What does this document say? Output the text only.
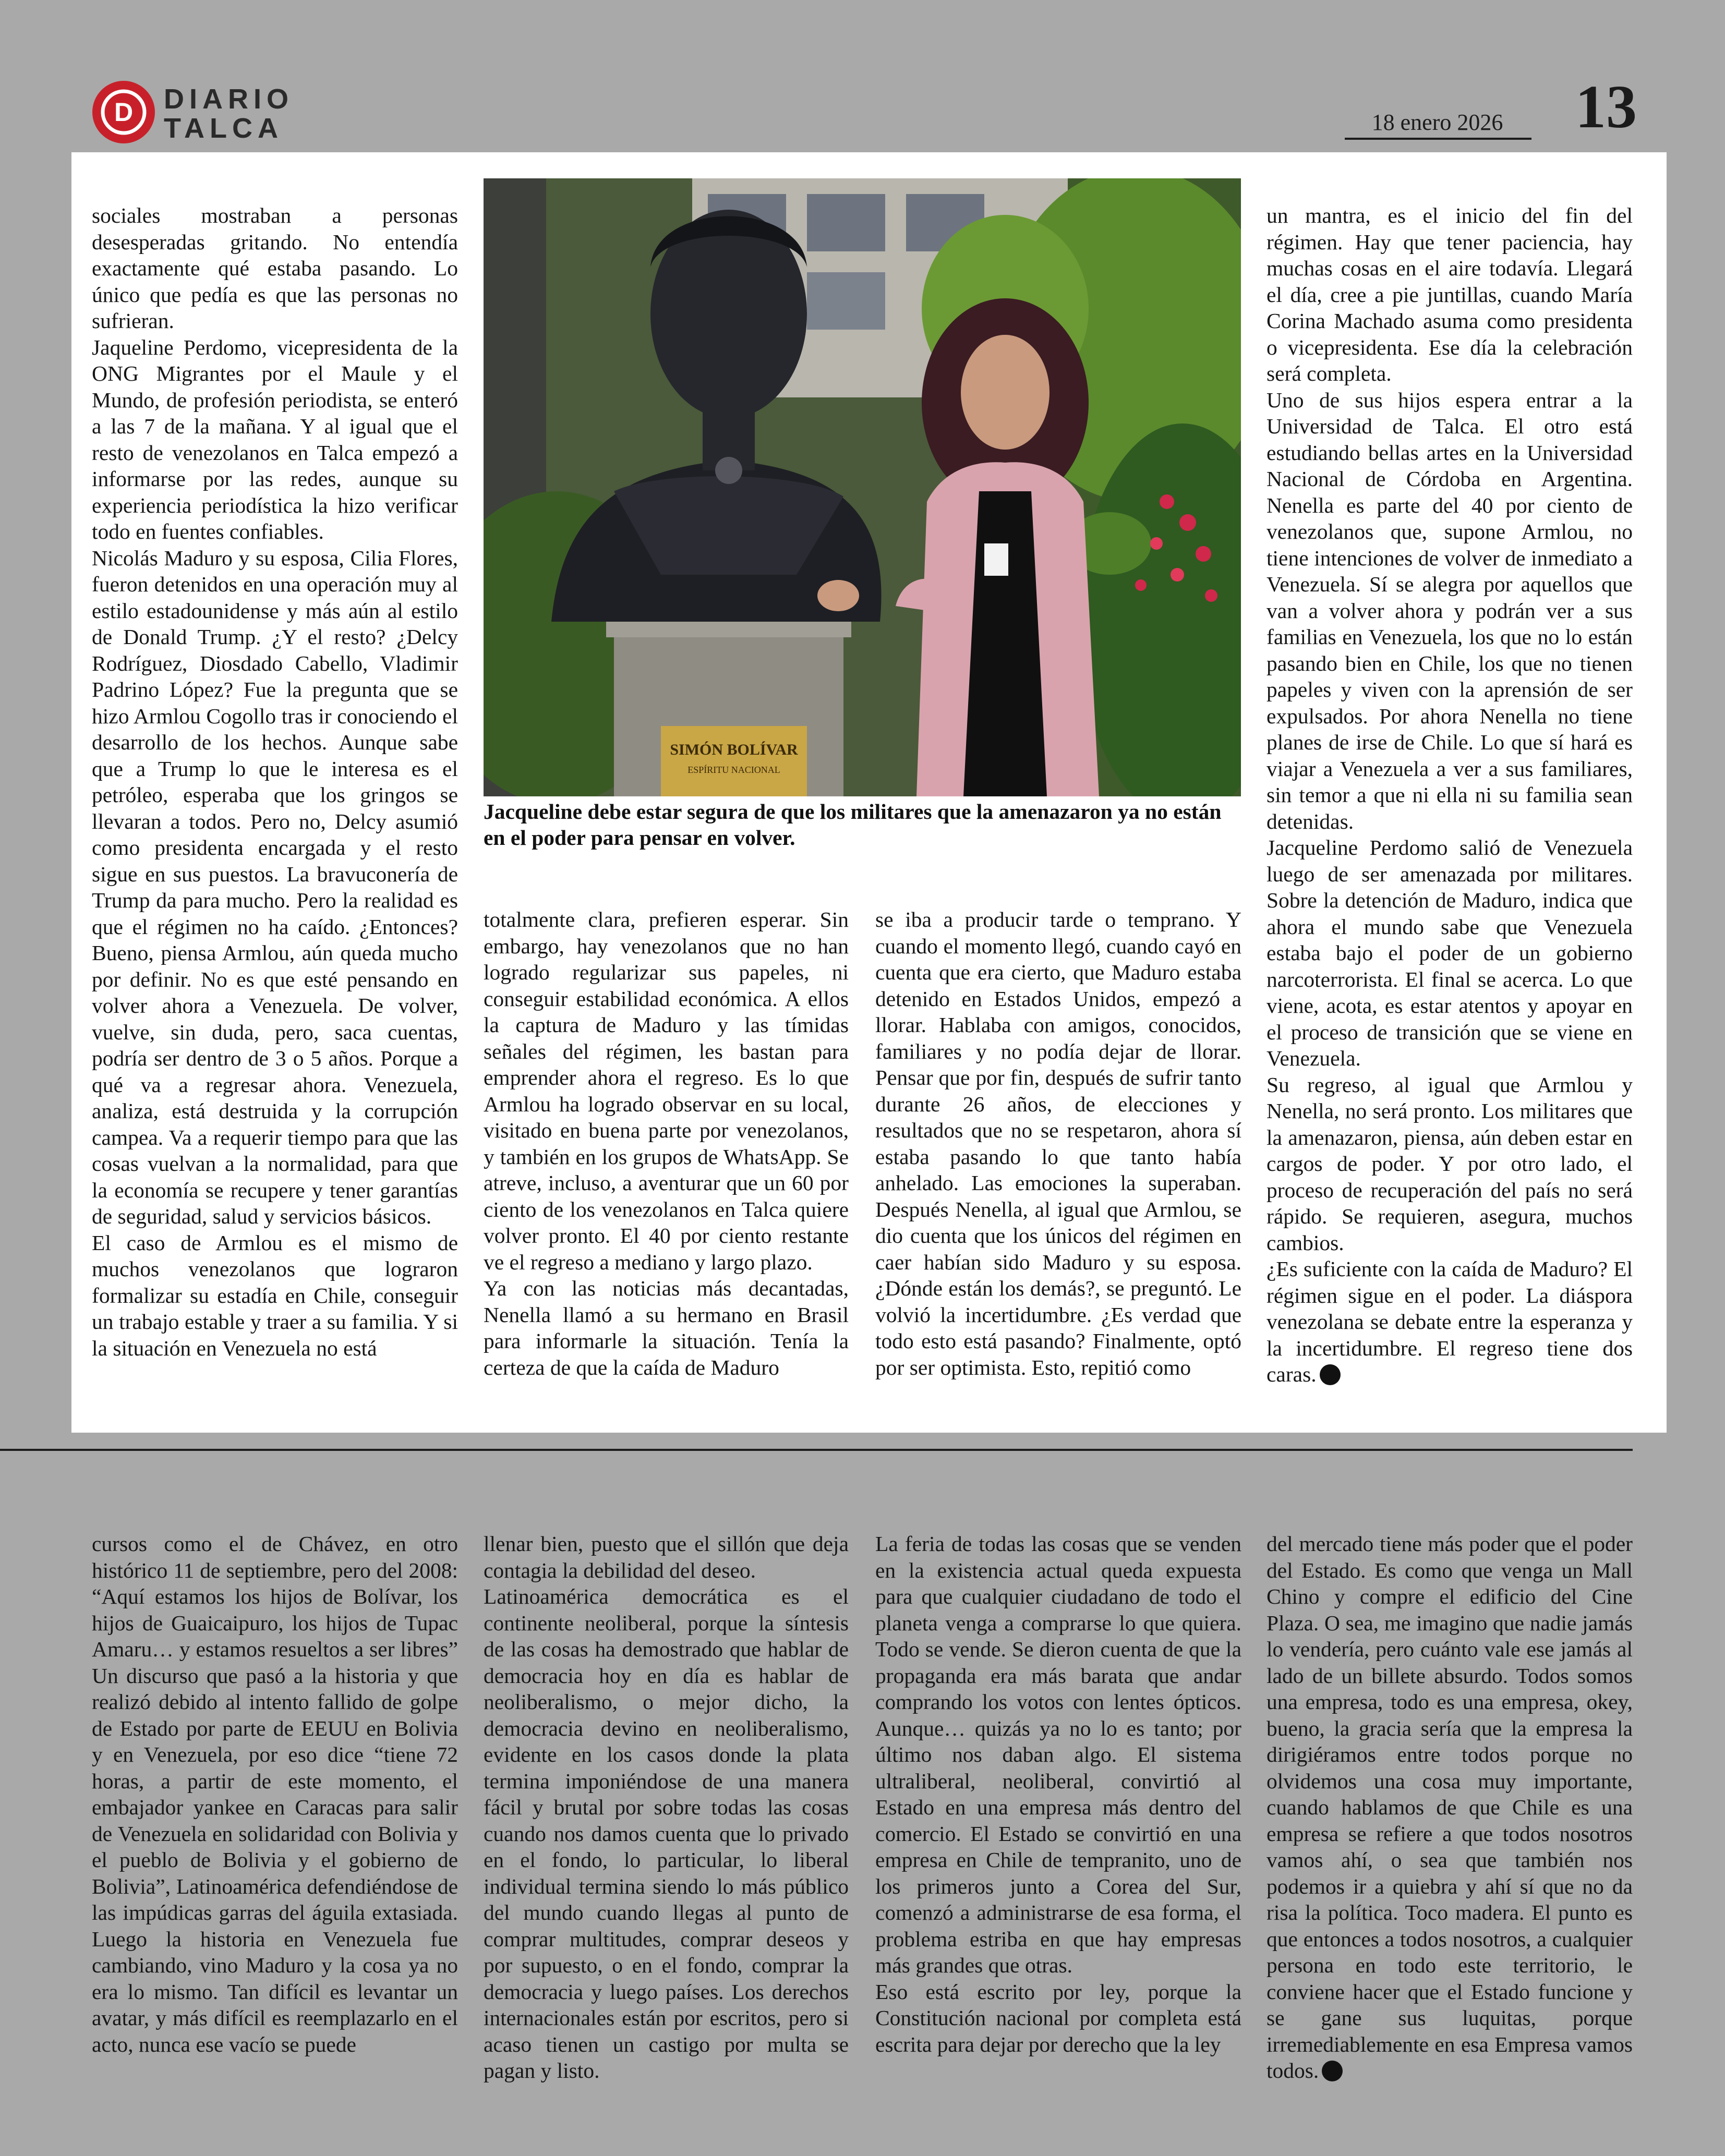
D DIARIO
TALCA	18 enero 2026	13

sociales mostraban a personas desesperadas gritando. No entendía exactamente qué estaba pasando. Lo único que pedía es que las personas no sufrieran.

Jaqueline Perdomo, vicepresidenta de la ONG Migrantes por el Maule y el Mundo, de profesión periodista, se enteró a las 7 de la mañana. Y al igual que el resto de venezolanos en Talca empezó a informarse por las redes, aunque su experiencia periodística la hizo verificar todo en fuentes confiables.

Nicolás Maduro y su esposa, Cilia Flores, fueron detenidos en una operación muy al estilo estadounidense y más aún al estilo de Donald Trump. ¿Y el resto? ¿Delcy Rodríguez, Diosdado Cabello, Vladimir Padrino López? Fue la pregunta que se hizo Armlou Cogollo tras ir conociendo el desarrollo de los hechos. Aunque sabe que a Trump lo que le interesa es el petróleo, esperaba que los gringos se llevaran a todos. Pero no, Delcy asumió como presidenta encargada y el resto sigue en sus puestos. La bravuconería de Trump da para mucho. Pero la realidad es que el régimen no ha caído. ¿Entonces? Bueno, piensa Armlou, aún queda mucho por definir. No es que esté pensando en volver ahora a Venezuela. De volver, vuelve, sin duda, pero, saca cuentas, podría ser dentro de 3 o 5 años. Porque a qué va a regresar ahora. Venezuela, analiza, está destruida y la corrupción campea. Va a requerir tiempo para que las cosas vuelvan a la normalidad, para que la economía se recupere y tener garantías de seguridad, salud y servicios básicos.

El caso de Armlou es el mismo de muchos venezolanos que lograron formalizar su estadía en Chile, conseguir un trabajo estable y traer a su familia. Y si la situación en Venezuela no está

SIMÓN BOLÍVAR
ESPÍRITU NACIONAL
Jacqueline debe estar segura de que los militares que la amenazaron ya no están en el poder para pensar en volver.

totalmente clara, prefieren esperar. Sin embargo, hay venezolanos que no han logrado regularizar sus papeles, ni conseguir estabilidad económica. A ellos la captura de Maduro y las tímidas señales del régimen, les bastan para emprender ahora el regreso. Es lo que Armlou ha logrado observar en su local, visitado en buena parte por venezolanos, y también en los grupos de WhatsApp. Se atreve, incluso, a aventurar que un 60 por ciento de los venezolanos en Talca quiere volver pronto. El 40 por ciento restante ve el regreso a mediano y largo plazo.

Ya con las noticias más decantadas, Nenella llamó a su hermano en Brasil para informarle la situación. Tenía la certeza de que la caída de Maduro

se iba a producir tarde o temprano. Y cuando el momento llegó, cuando cayó en cuenta que era cierto, que Maduro estaba detenido en Estados Unidos, empezó a llorar. Hablaba con amigos, conocidos, familiares y no podía dejar de llorar. Pensar que por fin, después de sufrir tanto durante 26 años, de elecciones y resultados que no se respetaron, ahora sí estaba pasando lo que tanto había anhelado. Las emociones la superaban. Después Nenella, al igual que Armlou, se dio cuenta que los únicos del régimen en caer habían sido Maduro y su esposa. ¿Dónde están los demás?, se preguntó. Le volvió la incertidumbre. ¿Es verdad que todo esto está pasando? Finalmente, optó por ser optimista. Esto, repitió como

un mantra, es el inicio del fin del régimen. Hay que tener paciencia, hay muchas cosas en el aire todavía. Llegará el día, cree a pie juntillas, cuando María Corina Machado asuma como presidenta o vicepresidenta. Ese día la celebración será completa.

Uno de sus hijos espera entrar a la Universidad de Talca. El otro está estudiando bellas artes en la Universidad Nacional de Córdoba en Argentina. Nenella es parte del 40 por ciento de venezolanos que, supone Armlou, no tiene intenciones de volver de inmediato a Venezuela. Sí se alegra por aquellos que van a volver ahora y podrán ver a sus familias en Venezuela, los que no lo están pasando bien en Chile, los que no tienen papeles y viven con la aprensión de ser expulsados. Por ahora Nenella no tiene planes de irse de Chile. Lo que sí hará es viajar a Venezuela a ver a sus familiares, sin temor a que ni ella ni su familia sean detenidas.

Jacqueline Perdomo salió de Venezuela luego de ser amenazada por militares. Sobre la detención de Maduro, indica que ahora el mundo sabe que Venezuela estaba bajo el poder de un gobierno narcoterrorista. El final se acerca. Lo que viene, acota, es estar atentos y apoyar en el proceso de transición que se viene en Venezuela.

Su regreso, al igual que Armlou y Nenella, no será pronto. Los militares que la amenazaron, piensa, aún deben estar en cargos de poder. Y por otro lado, el proceso de recuperación del país no será rápido. Se requieren, asegura, muchos cambios.

¿Es suficiente con la caída de Maduro? El régimen sigue en el poder. La diáspora venezolana se debate entre la esperanza y la incertidumbre. El regreso tiene dos caras.

cursos como el de Chávez, en otro histórico 11 de septiembre, pero del 2008: “Aquí estamos los hijos de Bolívar, los hijos de Guaicaipuro, los hijos de Tupac Amaru… y estamos resueltos a ser libres” Un discurso que pasó a la historia y que realizó debido al intento fallido de golpe de Estado por parte de EEUU en Bolivia y en Venezuela, por eso dice “tiene 72 horas, a partir de este momento, el embajador yankee en Caracas para salir de Venezuela en solidaridad con Bolivia y el pueblo de Bolivia y el gobierno de Bolivia”, Latinoamérica defendiéndose de las impúdicas garras del águila extasiada. Luego la historia en Venezuela fue cambiando, vino Maduro y la cosa ya no era lo mismo. Tan difícil es levantar un avatar, y más difícil es reemplazarlo en el acto, nunca ese vacío se puede

llenar bien, puesto que el sillón que deja contagia la debilidad del deseo.

Latinoamérica democrática es el continente neoliberal, porque la síntesis de las cosas ha demostrado que hablar de democracia hoy en día es hablar de neoliberalismo, o mejor dicho, la democracia devino en neoliberalismo, evidente en los casos donde la plata termina imponiéndose de una manera fácil y brutal por sobre todas las cosas cuando nos damos cuenta que lo privado en el fondo, lo particular, lo liberal individual termina siendo lo más público del mundo cuando llegas al punto de comprar multitudes, comprar deseos y por supuesto, o en el fondo, comprar la democracia y luego países. Los derechos internacionales están por escritos, pero si acaso tienen un castigo por multa se pagan y listo.

La feria de todas las cosas que se venden en la existencia actual queda expuesta para que cualquier ciudadano de todo el planeta venga a comprarse lo que quiera. Todo se vende. Se dieron cuenta de que la propaganda era más barata que andar comprando los votos con lentes ópticos. Aunque… quizás ya no lo es tanto; por último nos daban algo. El sistema ultraliberal, neoliberal, convirtió al Estado en una empresa más dentro del comercio. El Estado se convirtió en una empresa en Chile de tempranito, uno de los primeros junto a Corea del Sur, comenzó a administrarse de esa forma, el problema estriba en que hay empresas más grandes que otras.

Eso está escrito por ley, porque la Constitución nacional por completa está escrita para dejar por derecho que la ley

del mercado tiene más poder que el poder del Estado. Es como que venga un Mall Chino y compre el edificio del Cine Plaza. O sea, me imagino que nadie jamás lo vendería, pero cuánto vale ese jamás al lado de un billete absurdo. Todos somos una empresa, todo es una empresa, okey, bueno, la gracia sería que la empresa la dirigiéramos entre todos porque no olvidemos una cosa muy importante, cuando hablamos de que Chile es una empresa se refiere a que todos nosotros vamos ahí, o sea que también nos podemos ir a quiebra y ahí sí que no da risa la política. Toco madera. El punto es que entonces a todos nosotros, a cualquier persona en todo este territorio, le conviene hacer que el Estado funcione y se gane sus luquitas, porque irremediablemente en esa Empresa vamos todos.
